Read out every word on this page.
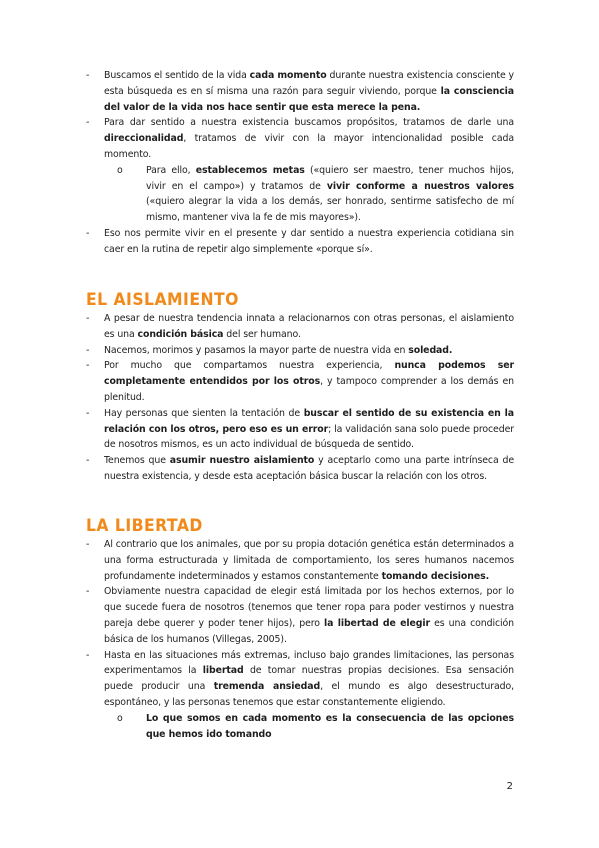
- Buscamos el sentido de la vida cada momento durante nuestra existencia consciente y esta búsqueda es en sí misma una razón para seguir viviendo, porque la consciencia del valor de la vida nos hace sentir que esta merece la pena.
- Para dar sentido a nuestra existencia buscamos propósitos, tratamos de darle una direccionalidad, tratamos de vivir con la mayor intencionalidad posible cada momento.
o Para ello, establecemos metas («quiero ser maestro, tener muchos hijos, vivir en el campo») y tratamos de vivir conforme a nuestros valores («quiero alegrar la vida a los demás, ser honrado, sentirme satisfecho de mí mismo, mantener viva la fe de mis mayores»).
- Eso nos permite vivir en el presente y dar sentido a nuestra experiencia cotidiana sin caer en la rutina de repetir algo simplemente «porque sí».
EL AISLAMIENTO
- A pesar de nuestra tendencia innata a relacionarnos con otras personas, el aislamiento es una condición básica del ser humano.
- Nacemos, morimos y pasamos la mayor parte de nuestra vida en soledad.
- Por mucho que compartamos nuestra experiencia, nunca podemos ser completamente entendidos por los otros, y tampoco comprender a los demás en plenitud.
- Hay personas que sienten la tentación de buscar el sentido de su existencia en la relación con los otros, pero eso es un error; la validación sana solo puede proceder de nosotros mismos, es un acto individual de búsqueda de sentido.
- Tenemos que asumir nuestro aislamiento y aceptarlo como una parte intrínseca de nuestra existencia, y desde esta aceptación básica buscar la relación con los otros.
LA LIBERTAD
- Al contrario que los animales, que por su propia dotación genética están determinados a una forma estructurada y limitada de comportamiento, los seres humanos nacemos profundamente indeterminados y estamos constantemente tomando decisiones.
- Obviamente nuestra capacidad de elegir está limitada por los hechos externos, por lo que sucede fuera de nosotros (tenemos que tener ropa para poder vestirnos y nuestra pareja debe querer y poder tener hijos), pero la libertad de elegir es una condición básica de los humanos (Villegas, 2005).
- Hasta en las situaciones más extremas, incluso bajo grandes limitaciones, las personas experimentamos la libertad de tomar nuestras propias decisiones. Esa sensación puede producir una tremenda ansiedad, el mundo es algo desestructurado, espontáneo, y las personas tenemos que estar constantemente eligiendo.
o Lo que somos en cada momento es la consecuencia de las opciones que hemos ido tomando
2
